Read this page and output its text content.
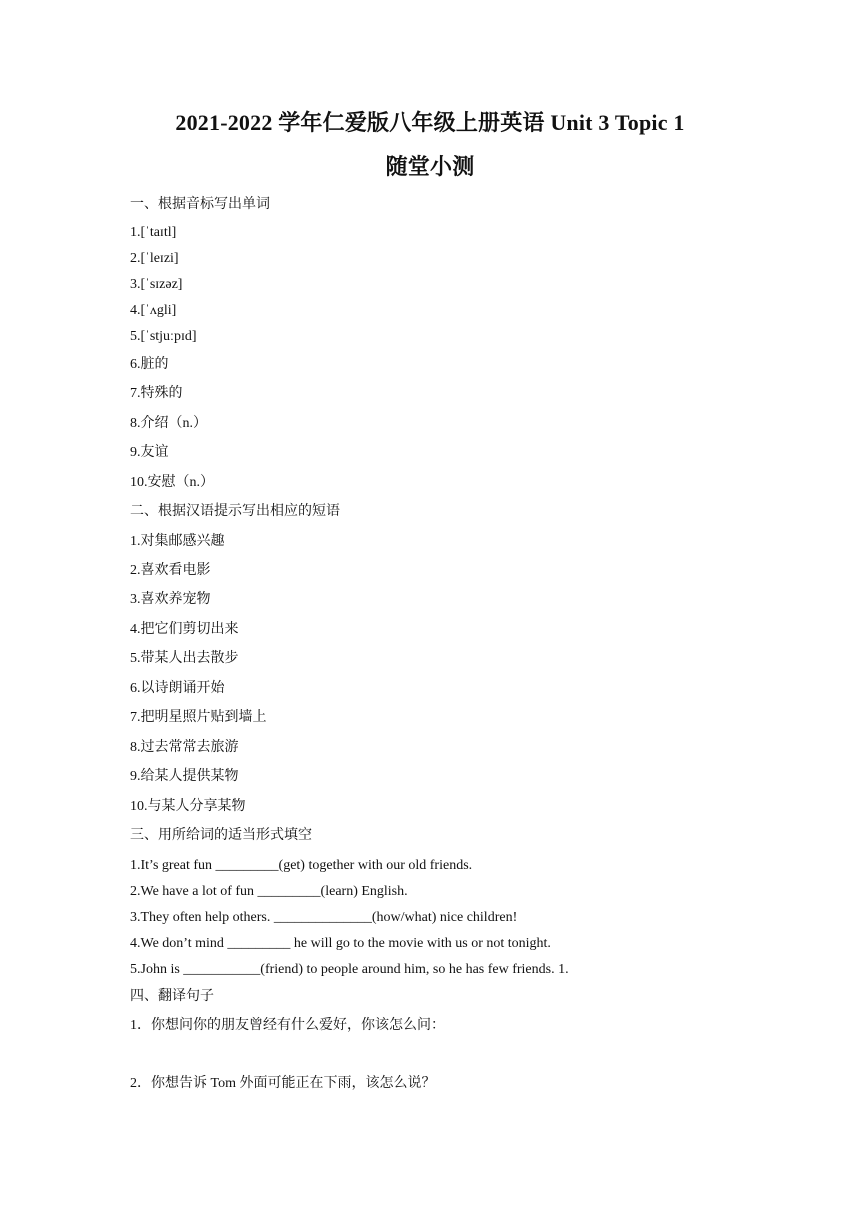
2021-2022 学年仁爱版八年级上册英语 Unit 3 Topic 1
随堂小测
一、根据音标写出单词
1.[ˈtaɪtl]
2.[ˈleɪzi]
3.[ˈsɪzəz]
4.[ˈʌgli]
5.[ˈstjuːpɪd]
6.脏的
7.特殊的
8.介绍（n.）
9.友谊
10.安慰（n.）
二、根据汉语提示写出相应的短语
1.对集邮感兴趣
2.喜欢看电影
3.喜欢养宠物
4.把它们剪切出来
5.带某人出去散步
6.以诗朗诵开始
7.把明星照片贴到墙上
8.过去常常去旅游
9.给某人提供某物
10.与某人分享某物
三、用所给词的适当形式填空
1.It’s great fun _________(get) together with our old friends.
2.We have a lot of fun _________(learn) English.
3.They often help others. ______________(how/what) nice children!
4.We don’t mind _________ he will go to the movie with us or not tonight.
5.John is ___________(friend) to people around him, so he has few friends. 1.
四、翻译句子
1．你想问你的朋友曾经有什么爱好，你该怎么问：
2．你想告诉 Tom 外面可能正在下雨，该怎么说？
